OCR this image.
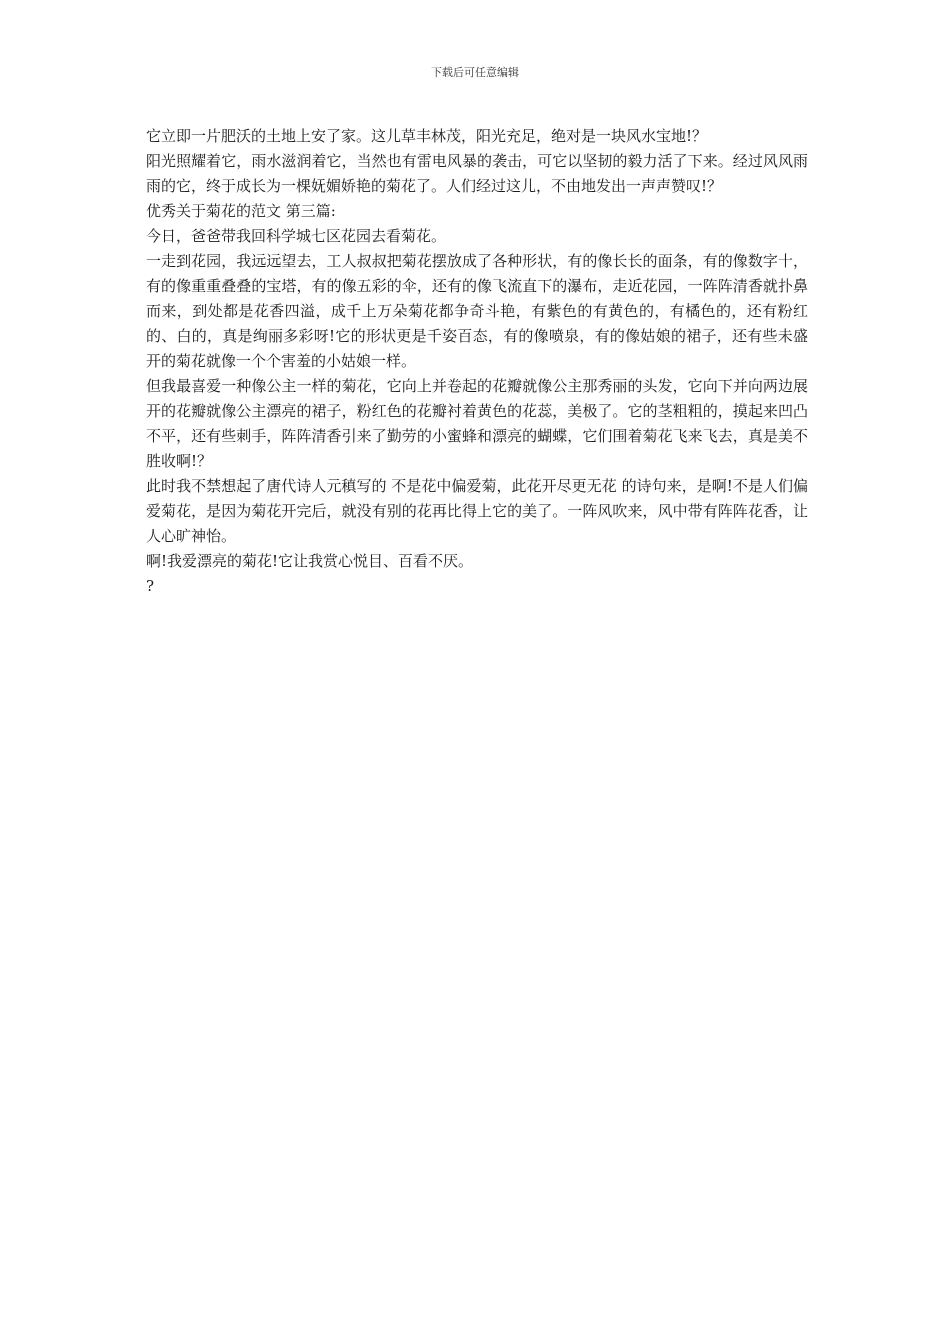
下载后可任意编辑

它立即一片肥沃的土地上安了家。这儿草丰林茂，阳光充足，绝对是一块风水宝地!？

阳光照耀着它，雨水滋润着它，当然也有雷电风暴的袭击，可它以坚韧的毅力活了下来。经过风风雨雨的它，终于成长为一棵妩媚娇艳的菊花了。人们经过这儿，不由地发出一声声赞叹!？

优秀关于菊花的范文 第三篇:

今日，爸爸带我回科学城七区花园去看菊花。

一走到花园，我远远望去，工人叔叔把菊花摆放成了各种形状，有的像长长的面条，有的像数字十，有的像重重叠叠的宝塔，有的像五彩的伞，还有的像飞流直下的瀑布，走近花园，一阵阵清香就扑鼻而来，到处都是花香四溢，成千上万朵菊花都争奇斗艳，有紫色的有黄色的，有橘色的，还有粉红的、白的，真是绚丽多彩呀!它的形状更是千姿百态，有的像喷泉，有的像姑娘的裙子，还有些未盛开的菊花就像一个个害羞的小姑娘一样。

但我最喜爱一种像公主一样的菊花，它向上并卷起的花瓣就像公主那秀丽的头发，它向下并向两边展开的花瓣就像公主漂亮的裙子，粉红色的花瓣衬着黄色的花蕊，美极了。它的茎粗粗的，摸起来凹凸不平，还有些刺手，阵阵清香引来了勤劳的小蜜蜂和漂亮的蝴蝶，它们围着菊花飞来飞去，真是美不胜收啊!？

此时我不禁想起了唐代诗人元稹写的 不是花中偏爱菊，此花开尽更无花 的诗句来，是啊!不是人们偏爱菊花，是因为菊花开完后，就没有别的花再比得上它的美了。一阵风吹来，风中带有阵阵花香，让人心旷神怡。

啊!我爱漂亮的菊花!它让我赏心悦目、百看不厌。

?
